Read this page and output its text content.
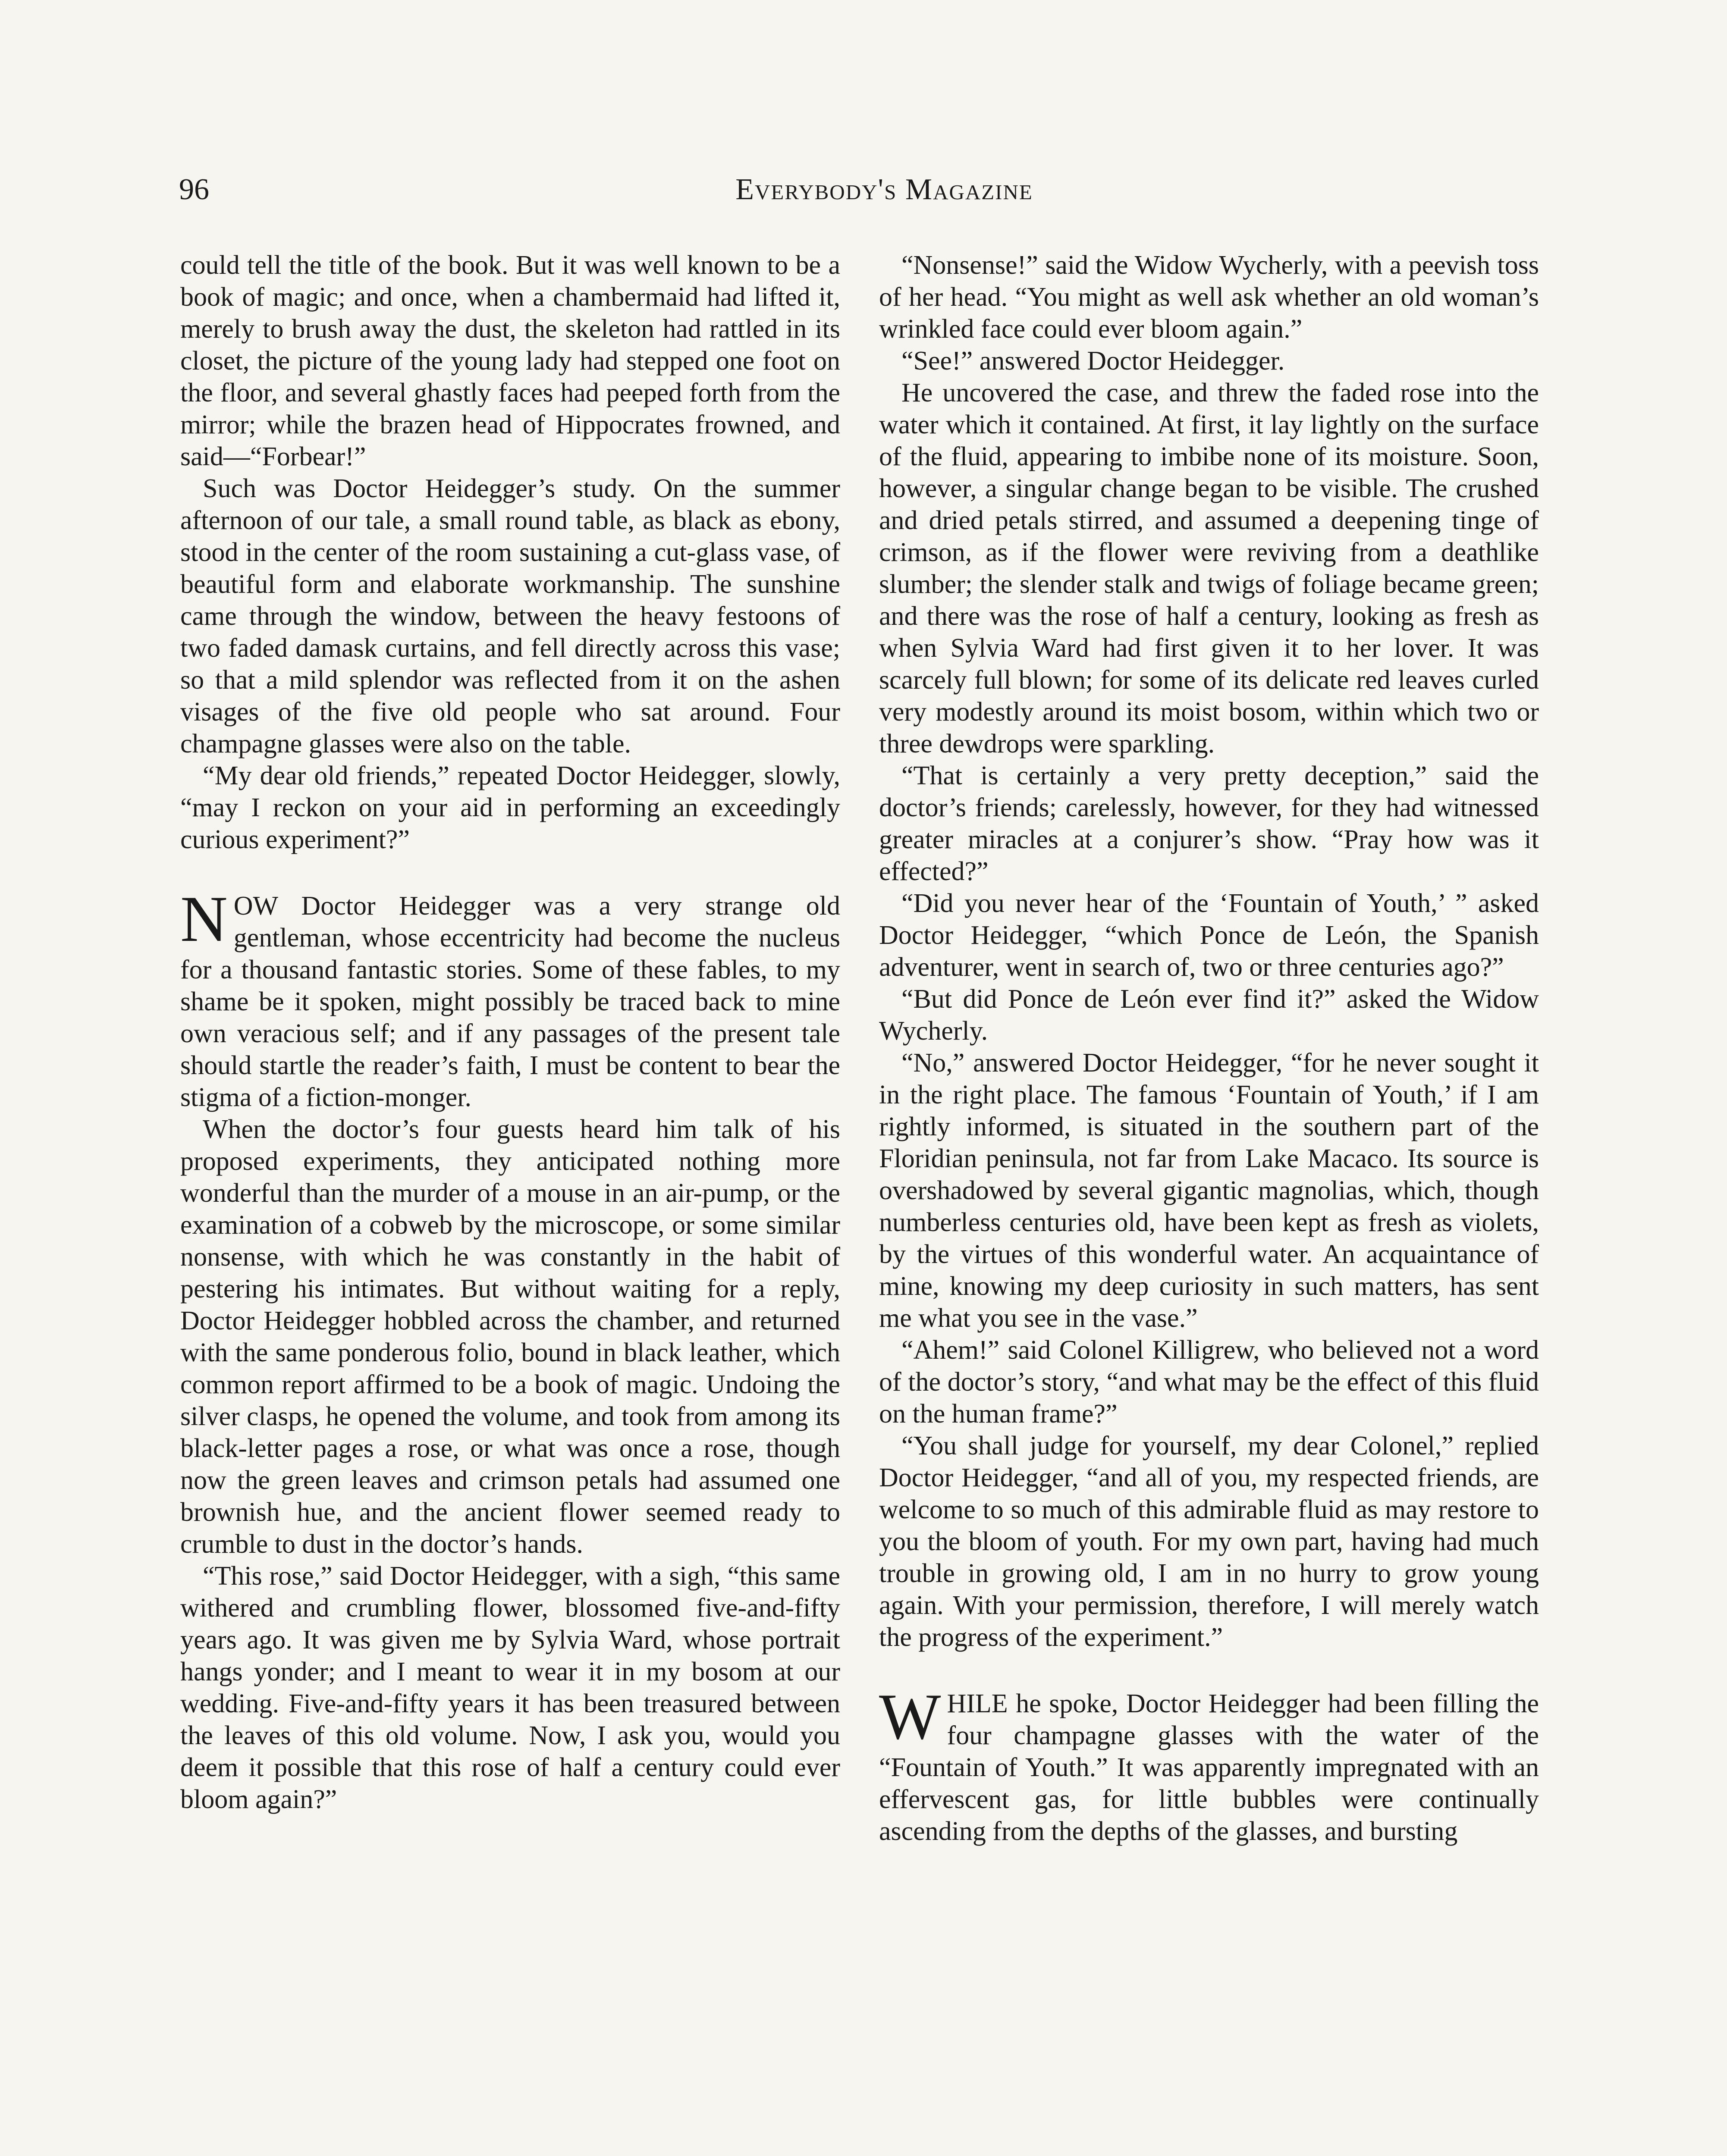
96	Everybody's Magazine

could tell the title of the book. But it was well known to be a book of magic; and once, when a chambermaid had lifted it, merely to brush away the dust, the skeleton had rattled in its closet, the picture of the young lady had stepped one foot on the floor, and several ghastly faces had peeped forth from the mirror; while the brazen head of Hippocrates frowned, and said—“Forbear!”

Such was Doctor Heidegger’s study. On the summer afternoon of our tale, a small round table, as black as ebony, stood in the center of the room sustaining a cut-glass vase, of beautiful form and elaborate workmanship. The sunshine came through the window, between the heavy festoons of two faded damask curtains, and fell directly across this vase; so that a mild splendor was reflected from it on the ashen visages of the five old people who sat around. Four champagne glasses were also on the table.

“My dear old friends,” repeated Doctor Heidegger, slowly, “may I reckon on your aid in performing an exceedingly curious experiment?”

N OW Doctor Heidegger was a very strange old gentleman, whose eccentricity had become the nucleus for a thousand fantastic stories. Some of these fables, to my shame be it spoken, might possibly be traced back to mine own veracious self; and if any passages of the present tale should startle the reader’s faith, I must be content to bear the stigma of a fiction-monger.

When the doctor’s four guests heard him talk of his proposed experiments, they anticipated nothing more wonderful than the murder of a mouse in an air-pump, or the examination of a cobweb by the microscope, or some similar nonsense, with which he was constantly in the habit of pestering his intimates. But without waiting for a reply, Doctor Heidegger hobbled across the chamber, and returned with the same ponderous folio, bound in black leather, which common report affirmed to be a book of magic. Undoing the silver clasps, he opened the volume, and took from among its black-letter pages a rose, or what was once a rose, though now the green leaves and crimson petals had assumed one brownish hue, and the ancient flower seemed ready to crumble to dust in the doctor’s hands.

“This rose,” said Doctor Heidegger, with a sigh, “this same withered and crumbling flower, blossomed five-and-fifty years ago. It was given me by Sylvia Ward, whose portrait hangs yonder; and I meant to wear it in my bosom at our wedding. Five-and-fifty years it has been treasured between the leaves of this old volume. Now, I ask you, would you deem it possible that this rose of half a century could ever bloom again?”

“Nonsense!” said the Widow Wycherly, with a peevish toss of her head. “You might as well ask whether an old woman’s wrinkled face could ever bloom again.”

“See!” answered Doctor Heidegger.

He uncovered the case, and threw the faded rose into the water which it contained. At first, it lay lightly on the surface of the fluid, appearing to imbibe none of its moisture. Soon, however, a singular change began to be visible. The crushed and dried petals stirred, and assumed a deepening tinge of crimson, as if the flower were reviving from a deathlike slumber; the slender stalk and twigs of foliage became green; and there was the rose of half a century, looking as fresh as when Sylvia Ward had first given it to her lover. It was scarcely full blown; for some of its delicate red leaves curled very modestly around its moist bosom, within which two or three dewdrops were sparkling.

“That is certainly a very pretty deception,” said the doctor’s friends; carelessly, however, for they had witnessed greater miracles at a conjurer’s show. “Pray how was it effected?”

“Did you never hear of the ‘Fountain of Youth,’ ” asked Doctor Heidegger, “which Ponce de León, the Spanish adventurer, went in search of, two or three centuries ago?”

“But did Ponce de León ever find it?” asked the Widow Wycherly.

“No,” answered Doctor Heidegger, “for he never sought it in the right place. The famous ‘Fountain of Youth,’ if I am rightly informed, is situated in the southern part of the Floridian peninsula, not far from Lake Macaco. Its source is overshadowed by several gigantic magnolias, which, though numberless centuries old, have been kept as fresh as violets, by the virtues of this wonderful water. An acquaintance of mine, knowing my deep curiosity in such matters, has sent me what you see in the vase.”

“Ahem!” said Colonel Killigrew, who believed not a word of the doctor’s story, “and what may be the effect of this fluid on the human frame?”

“You shall judge for yourself, my dear Colonel,” replied Doctor Heidegger, “and all of you, my respected friends, are welcome to so much of this admirable fluid as may restore to you the bloom of youth. For my own part, having had much trouble in growing old, I am in no hurry to grow young again. With your permission, therefore, I will merely watch the progress of the experiment.”

W HILE he spoke, Doctor Heidegger had been filling the four champagne glasses with the water of the “Fountain of Youth.” It was apparently impregnated with an effervescent gas, for little bubbles were continually ascending from the depths of the glasses, and bursting
